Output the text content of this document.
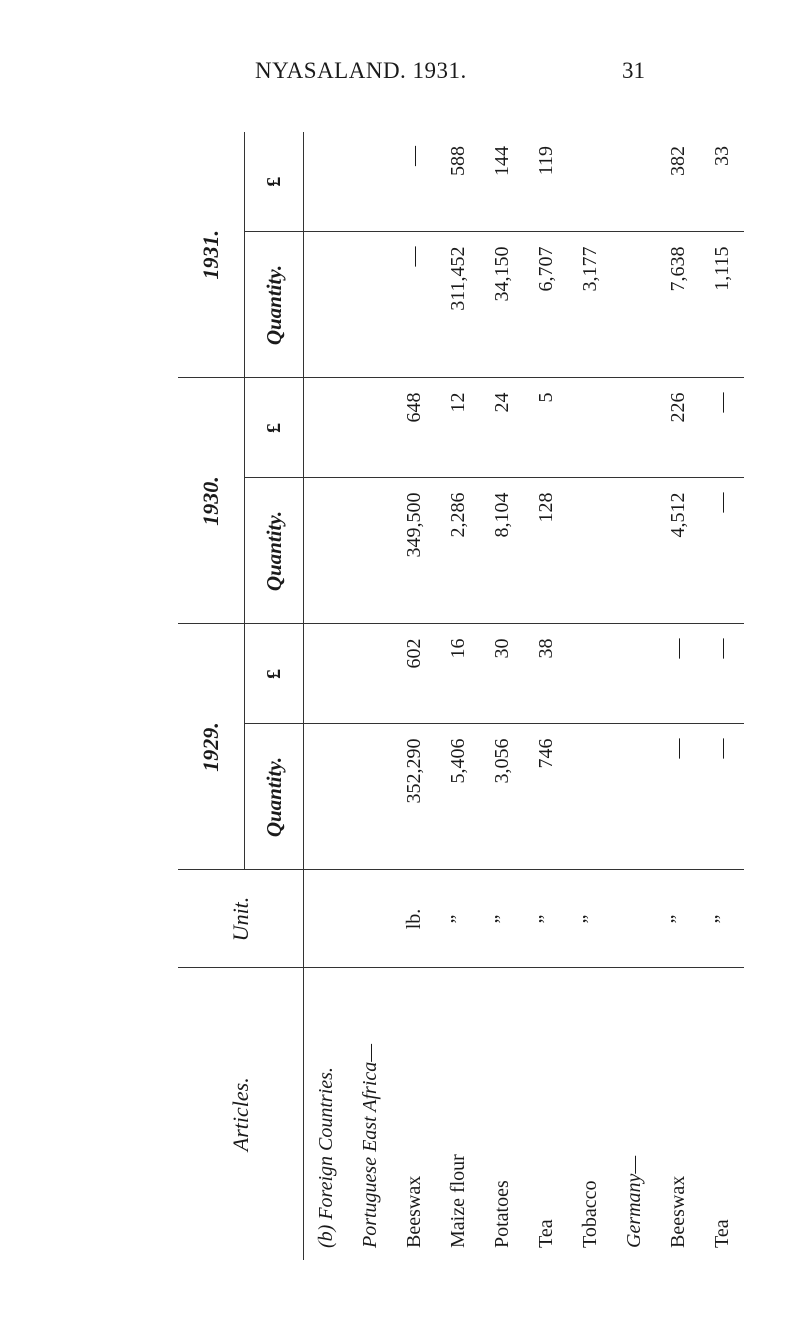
NYASALAND. 1931.	31
Articles.	Unit.	1929.		1930.		1931.	
		Quantity.	£	Quantity.	£	Quantity.	£
(b) Foreign Countries.							
Portuguese East Africa—							
Beeswax	lb.	352,290	602	349,500	648	—	—
Maize flour	”	5,406	16	2,286	12	311,452	588
Potatoes	”	3,056	30	8,104	24	34,150	144
Tea	”	746	38	128	5	6,707	119
Tobacco	”					3,177	
Germany—							
Beeswax	”	—	—	4,512	226	7,638	382
Tea	”	—	—	—	—	1,115	33
